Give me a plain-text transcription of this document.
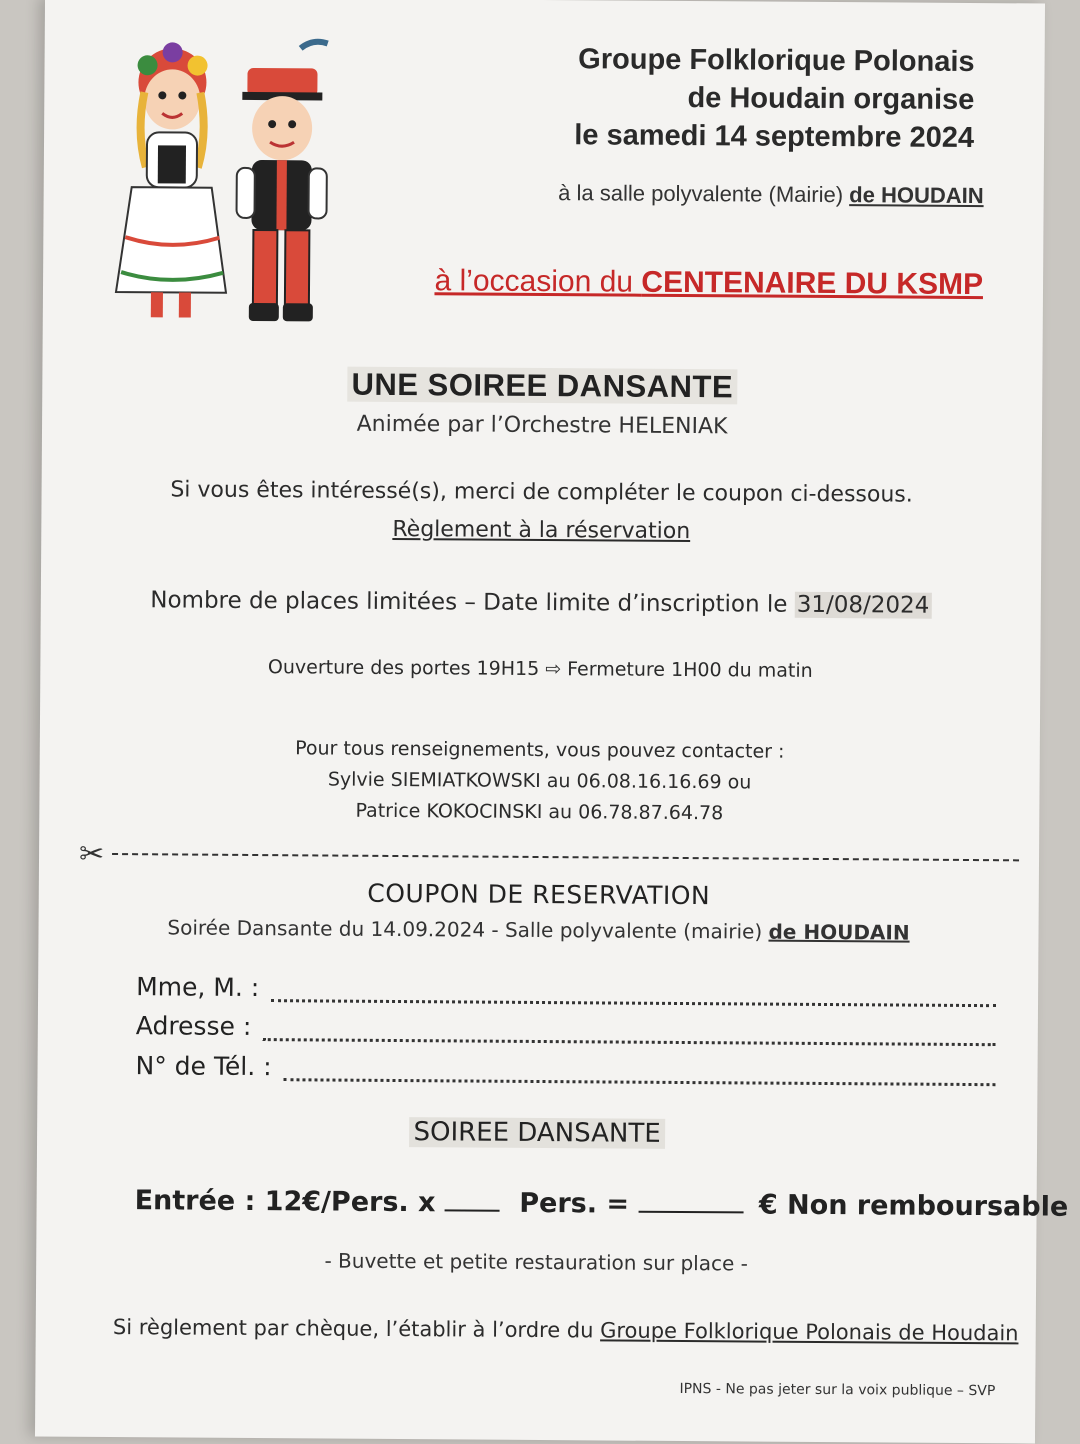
Groupe Folklorique Polonais
de Houdain organise
le samedi 14 septembre 2024
à la salle polyvalente (Mairie) de HOUDAIN
à l’occasion du CENTENAIRE DU KSMP
UNE SOIREE DANSANTE
Animée par l’Orchestre HELENIAK
Si vous êtes intéressé(s), merci de compléter le coupon ci-dessous.
Règlement à la réservation
Nombre de places limitées – Date limite d’inscription le 31/08/2024
Ouverture des portes 19H15 ⇨ Fermeture 1H00 du matin
Pour tous renseignements, vous pouvez contacter :
Sylvie SIEMIATKOWSKI au 06.08.16.16.69 ou
Patrice KOKOCINSKI au 06.78.87.64.78
✂
COUPON DE RESERVATION
Soirée Dansante du 14.09.2024 - Salle polyvalente (mairie) de HOUDAIN
Mme, M. :
Adresse :
N° de Tél. :
SOIREE DANSANTE
Entrée : 12€/Pers. x	Pers. =	€ Non remboursable
- Buvette et petite restauration sur place -
Si règlement par chèque, l’établir à l’ordre du Groupe Folklorique Polonais de Houdain
IPNS - Ne pas jeter sur la voix publique – SVP
